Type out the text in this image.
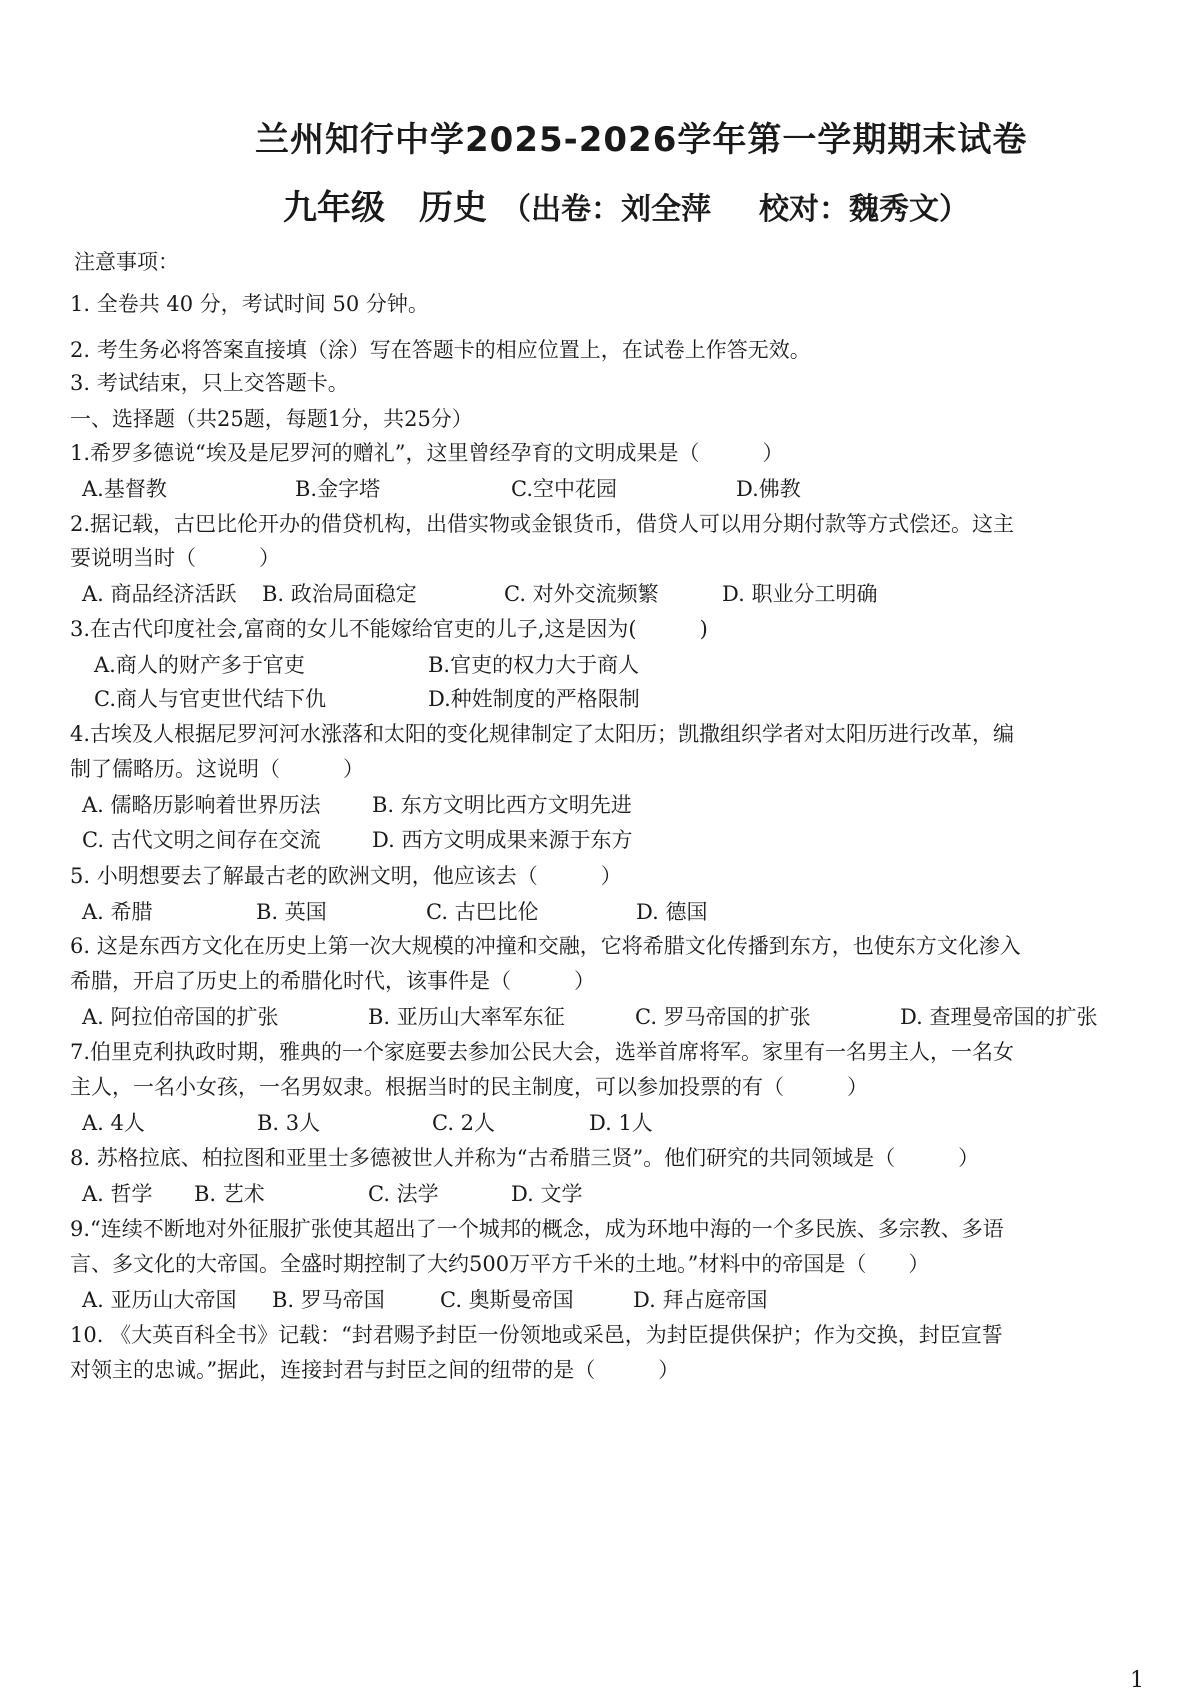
兰州知行中学2025-2026学年第一学期期末试卷
九年级 历史 （出卷：刘全萍 校对：魏秀文）
注意事项：
1. 全卷共 40 分，考试时间 50 分钟。
2. 考生务必将答案直接填（涂）写在答题卡的相应位置上，在试卷上作答无效。
3. 考试结束，只上交答题卡。
一、选择题（共25题，每题1分，共25分）
1.希罗多德说“埃及是尼罗河的赠礼”，这里曾经孕育的文明成果是（　　　）
A.基督教	B.金字塔	C.空中花园	D.佛教
2.据记载，古巴比伦开办的借贷机构，出借实物或金银货币，借贷人可以用分期付款等方式偿还。这主
要说明当时（　　　）
A. 商品经济活跃 B. 政治局面稳定	C. 对外交流频繁	D. 职业分工明确
3.在古代印度社会,富商的女儿不能嫁给官吏的儿子,这是因为(　　　)
A.商人的财产多于官吏	B.官吏的权力大于商人
C.商人与官吏世代结下仇	D.种姓制度的严格限制
4.古埃及人根据尼罗河河水涨落和太阳的变化规律制定了太阳历；凯撒组织学者对太阳历进行改革，编
制了儒略历。这说明（　　　）
A. 儒略历影响着世界历法 B. 东方文明比西方文明先进
C. 古代文明之间存在交流 D. 西方文明成果来源于东方
5. 小明想要去了解最古老的欧洲文明，他应该去（　　　）
A. 希腊	B. 英国	C. 古巴比伦	D. 德国
6. 这是东西方文化在历史上第一次大规模的冲撞和交融，它将希腊文化传播到东方，也使东方文化渗入
希腊，开启了历史上的希腊化时代，该事件是（　　　）
A. 阿拉伯帝国的扩张	B. 亚历山大率军东征	C. 罗马帝国的扩张	D. 查理曼帝国的扩张
7.伯里克利执政时期，雅典的一个家庭要去参加公民大会，选举首席将军。家里有一名男主人，一名女
主人，一名小女孩，一名男奴隶。根据当时的民主制度，可以参加投票的有（　　　）
A. 4人	B. 3人	C. 2人	D. 1人
8. 苏格拉底、柏拉图和亚里士多德被世人并称为“古希腊三贤”。他们研究的共同领域是（　　　）
A. 哲学 B. 艺术	C. 法学	D. 文学
9.“连续不断地对外征服扩张使其超出了一个城邦的概念，成为环地中海的一个多民族、多宗教、多语
言、多文化的大帝国。全盛时期控制了大约500万平方千米的土地。”材料中的帝国是（　　）
A. 亚历山大帝国 B. 罗马帝国	C. 奥斯曼帝国	D. 拜占庭帝国
10. 《大英百科全书》记载：“封君赐予封臣一份领地或采邑，为封臣提供保护；作为交换，封臣宣誓
对领主的忠诚。”据此，连接封君与封臣之间的纽带的是（　　　）
1
